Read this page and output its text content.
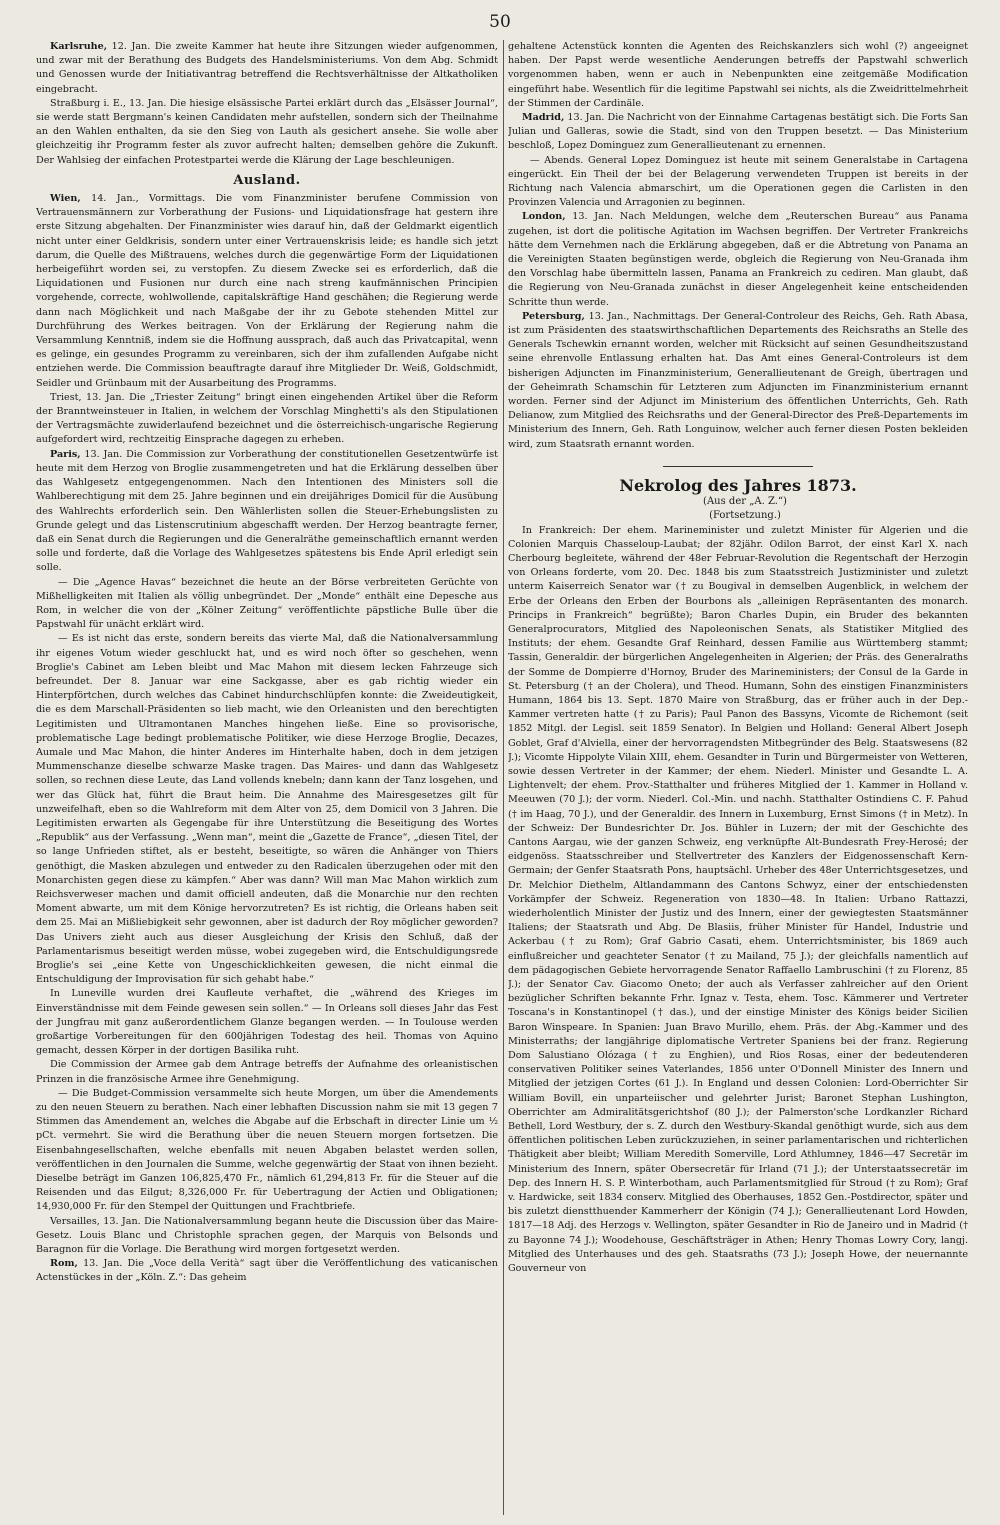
50

Karlsruhe, 12. Jan. Die zweite Kammer hat heute ihre Sitzungen wieder aufgenommen, und zwar mit der Berathung des Budgets des Handelsministeriums. Von dem Abg. Schmidt und Genossen wurde der Initiativantrag betreffend die Rechtsverhältnisse der Altkatholiken eingebracht.

Straßburg i. E., 13. Jan. Die hiesige elsässische Partei erklärt durch das „Elsässer Journal“, sie werde statt Bergmann's keinen Candidaten mehr aufstellen, sondern sich der Theilnahme an den Wahlen enthalten, da sie den Sieg von Lauth als gesichert ansehe. Sie wolle aber gleichzeitig ihr Programm fester als zuvor aufrecht halten; demselben gehöre die Zukunft. Der Wahlsieg der einfachen Protestpartei werde die Klärung der Lage beschleunigen.

Ausland.

Wien, 14. Jan., Vormittags. Die vom Finanzminister berufene Commission von Vertrauensmännern zur Vorberathung der Fusions- und Liquidationsfrage hat gestern ihre erste Sitzung abgehalten. Der Finanzminister wies darauf hin, daß der Geldmarkt eigentlich nicht unter einer Geldkrisis, sondern unter einer Vertrauenskrisis leide; es handle sich jetzt darum, die Quelle des Mißtrauens, welches durch die gegenwärtige Form der Liquidationen herbeigeführt worden sei, zu verstopfen. Zu diesem Zwecke sei es erforderlich, daß die Liquidationen und Fusionen nur durch eine nach streng kaufmännischen Principien vorgehende, correcte, wohlwollende, capitalskräftige Hand geschähen; die Regierung werde dann nach Möglichkeit und nach Maßgabe der ihr zu Gebote stehenden Mittel zur Durchführung des Werkes beitragen. Von der Erklärung der Regierung nahm die Versammlung Kenntniß, indem sie die Hoffnung aussprach, daß auch das Privatcapital, wenn es gelinge, ein gesundes Programm zu vereinbaren, sich der ihm zufallenden Aufgabe nicht entziehen werde. Die Commission beauftragte darauf ihre Mitglieder Dr. Weiß, Goldschmidt, Seidler und Grünbaum mit der Ausarbeitung des Programms.

Triest, 13. Jan. Die „Triester Zeitung“ bringt einen eingehenden Artikel über die Reform der Branntweinsteuer in Italien, in welchem der Vorschlag Minghetti's als den Stipulationen der Vertragsmächte zuwiderlaufend bezeichnet und die österreichisch-ungarische Regierung aufgefordert wird, rechtzeitig Einsprache dagegen zu erheben.

Paris, 13. Jan. Die Commission zur Vorberathung der constitutionellen Gesetzentwürfe ist heute mit dem Herzog von Broglie zusammengetreten und hat die Erklärung desselben über das Wahlgesetz entgegengenommen. Nach den Intentionen des Ministers soll die Wahlberechtigung mit dem 25. Jahre beginnen und ein dreijähriges Domicil für die Ausübung des Wahlrechts erforderlich sein. Den Wählerlisten sollen die Steuer-Erhebungslisten zu Grunde gelegt und das Listenscrutinium abgeschafft werden. Der Herzog beantragte ferner, daß ein Senat durch die Regierungen und die Generalräthe gemeinschaftlich ernannt werden solle und forderte, daß die Vorlage des Wahlgesetzes spätestens bis Ende April erledigt sein solle.

— Die „Agence Havas“ bezeichnet die heute an der Börse verbreiteten Gerüchte von Mißhelligkeiten mit Italien als völlig unbegründet. Der „Monde“ enthält eine Depesche aus Rom, in welcher die von der „Kölner Zeitung“ veröffentlichte päpstliche Bulle über die Papstwahl für unächt erklärt wird.

— Es ist nicht das erste, sondern bereits das vierte Mal, daß die Nationalversammlung ihr eigenes Votum wieder geschluckt hat, und es wird noch öfter so geschehen, wenn Broglie's Cabinet am Leben bleibt und Mac Mahon mit diesem lecken Fahrzeuge sich befreundet. Der 8. Januar war eine Sackgasse, aber es gab richtig wieder ein Hinterpförtchen, durch welches das Cabinet hindurchschlüpfen konnte: die Zweideutigkeit, die es dem Marschall-Präsidenten so lieb macht, wie den Orleanisten und den berechtigten Legitimisten und Ultramontanen Manches hingehen ließe. Eine so provisorische, problematische Lage bedingt problematische Politiker, wie diese Herzoge Broglie, Decazes, Aumale und Mac Mahon, die hinter Anderes im Hinterhalte haben, doch in dem jetzigen Mummenschanze dieselbe schwarze Maske tragen. Das Maires- und dann das Wahlgesetz sollen, so rechnen diese Leute, das Land vollends knebeln; dann kann der Tanz losgehen, und wer das Glück hat, führt die Braut heim. Die Annahme des Mairesgesetzes gilt für unzweifelhaft, eben so die Wahlreform mit dem Alter von 25, dem Domicil von 3 Jahren. Die Legitimisten erwarten als Gegengabe für ihre Unterstützung die Beseitigung des Wortes „Republik“ aus der Verfassung. „Wenn man“, meint die „Gazette de France“, „diesen Titel, der so lange Unfrieden stiftet, als er besteht, beseitigte, so wären die Anhänger von Thiers genöthigt, die Masken abzulegen und entweder zu den Radicalen überzugehen oder mit den Monarchisten gegen diese zu kämpfen.“ Aber was dann? Will man Mac Mahon wirklich zum Reichsverweser machen und damit officiell andeuten, daß die Monarchie nur den rechten Moment abwarte, um mit dem Könige hervorzutreten? Es ist richtig, die Orleans haben seit dem 25. Mai an Mißliebigkeit sehr gewonnen, aber ist dadurch der Roy möglicher geworden? Das Univers zieht auch aus dieser Ausgleichung der Krisis den Schluß, daß der Parlamentarismus beseitigt werden müsse, wobei zugegeben wird, die Entschuldigungsrede Broglie's sei „eine Kette von Ungeschicklichkeiten gewesen, die nicht einmal die Entschuldigung der Improvisation für sich gehabt habe.“

In Luneville wurden drei Kaufleute verhaftet, die „während des Krieges im Einverständnisse mit dem Feinde gewesen sein sollen.“ — In Orleans soll dieses Jahr das Fest der Jungfrau mit ganz außerordentlichem Glanze begangen werden. — In Toulouse werden großartige Vorbereitungen für den 600jährigen Todestag des heil. Thomas von Aquino gemacht, dessen Körper in der dortigen Basilika ruht.

Die Commission der Armee gab dem Antrage betreffs der Aufnahme des orleanistischen Prinzen in die französische Armee ihre Genehmigung.

— Die Budget-Commission versammelte sich heute Morgen, um über die Amendements zu den neuen Steuern zu berathen. Nach einer lebhaften Discussion nahm sie mit 13 gegen 7 Stimmen das Amendement an, welches die Abgabe auf die Erbschaft in directer Linie um ½ pCt. vermehrt. Sie wird die Berathung über die neuen Steuern morgen fortsetzen. Die Eisenbahngesellschaften, welche ebenfalls mit neuen Abgaben belastet werden sollen, veröffentlichen in den Journalen die Summe, welche gegenwärtig der Staat von ihnen bezieht. Dieselbe beträgt im Ganzen 106,825,470 Fr., nämlich 61,294,813 Fr. für die Steuer auf die Reisenden und das Eilgut; 8,326,000 Fr. für Uebertragung der Actien und Obligationen; 14,930,000 Fr. für den Stempel der Quittungen und Frachtbriefe.

Versailles, 13. Jan. Die Nationalversammlung begann heute die Discussion über das Maire-Gesetz. Louis Blanc und Christophle sprachen gegen, der Marquis von Belsonds und Baragnon für die Vorlage. Die Berathung wird morgen fortgesetzt werden.

Rom, 13. Jan. Die „Voce della Verità“ sagt über die Veröffentlichung des vaticanischen Actenstückes in der „Köln. Z.“: Das geheim

gehaltene Actenstück konnten die Agenten des Reichskanzlers sich wohl (?) angeeignet haben. Der Papst werde wesentliche Aenderungen betreffs der Papstwahl schwerlich vorgenommen haben, wenn er auch in Nebenpunkten eine zeitgemäße Modification eingeführt habe. Wesentlich für die legitime Papstwahl sei nichts, als die Zweidrittelmehrheit der Stimmen der Cardinäle.

Madrid, 13. Jan. Die Nachricht von der Einnahme Cartagenas bestätigt sich. Die Forts San Julian und Galleras, sowie die Stadt, sind von den Truppen besetzt. — Das Ministerium beschloß, Lopez Dominguez zum Generallieutenant zu ernennen.

— Abends. General Lopez Dominguez ist heute mit seinem Generalstabe in Cartagena eingerückt. Ein Theil der bei der Belagerung verwendeten Truppen ist bereits in der Richtung nach Valencia abmarschirt, um die Operationen gegen die Carlisten in den Provinzen Valencia und Arragonien zu beginnen.

London, 13. Jan. Nach Meldungen, welche dem „Reuterschen Bureau“ aus Panama zugehen, ist dort die politische Agitation im Wachsen begriffen. Der Vertreter Frankreichs hätte dem Vernehmen nach die Erklärung abgegeben, daß er die Abtretung von Panama an die Vereinigten Staaten begünstigen werde, obgleich die Regierung von Neu-Granada ihm den Vorschlag habe übermitteln lassen, Panama an Frankreich zu cediren. Man glaubt, daß die Regierung von Neu-Granada zunächst in dieser Angelegenheit keine entscheidenden Schritte thun werde.

Petersburg, 13. Jan., Nachmittags. Der General-Controleur des Reichs, Geh. Rath Abasa, ist zum Präsidenten des staatswirthschaftlichen Departements des Reichsraths an Stelle des Generals Tschewkin ernannt worden, welcher mit Rücksicht auf seinen Gesundheitszustand seine ehrenvolle Entlassung erhalten hat. Das Amt eines General-Controleurs ist dem bisherigen Adjuncten im Finanzministerium, Generallieutenant de Greigh, übertragen und der Geheimrath Schamschin für Letzteren zum Adjuncten im Finanzministerium ernannt worden. Ferner sind der Adjunct im Ministerium des öffentlichen Unterrichts, Geh. Rath Delianow, zum Mitglied des Reichsraths und der General-Director des Preß-Departements im Ministerium des Innern, Geh. Rath Longuinow, welcher auch ferner diesen Posten bekleiden wird, zum Staatsrath ernannt worden.

Nekrolog des Jahres 1873.

(Aus der „A. Z.“)

(Fortsetzung.)

In Frankreich: Der ehem. Marineminister und zuletzt Minister für Algerien und die Colonien Marquis Chasseloup-Laubat; der 82jähr. Odilon Barrot, der einst Karl X. nach Cherbourg begleitete, während der 48er Februar-Revolution die Regentschaft der Herzogin von Orleans forderte, vom 20. Dec. 1848 bis zum Staatsstreich Justizminister und zuletzt unterm Kaiserreich Senator war († zu Bougival in demselben Augenblick, in welchem der Erbe der Orleans den Erben der Bourbons als „alleinigen Repräsentanten des monarch. Princips in Frankreich“ begrüßte); Baron Charles Dupin, ein Bruder des bekannten Generalprocurators, Mitglied des Napoleonischen Senats, als Statistiker Mitglied des Instituts; der ehem. Gesandte Graf Reinhard, dessen Familie aus Württemberg stammt; Tassin, Generaldir. der bürgerlichen Angelegenheiten in Algerien; der Präs. des Generalraths der Somme de Dompierre d'Hornoy, Bruder des Marineministers; der Consul de la Garde in St. Petersburg († an der Cholera), und Theod. Humann, Sohn des einstigen Finanzministers Humann, 1864 bis 13. Sept. 1870 Maire von Straßburg, das er früher auch in der Dep.-Kammer vertreten hatte († zu Paris); Paul Panon des Bassyns, Vicomte de Richemont (seit 1852 Mitgl. der Legisl. seit 1859 Senator). In Belgien und Holland: General Albert Joseph Goblet, Graf d'Alviella, einer der hervorragendsten Mitbegründer des Belg. Staatswesens (82 J.); Vicomte Hippolyte Vilain XIII, ehem. Gesandter in Turin und Bürgermeister von Wetteren, sowie dessen Vertreter in der Kammer; der ehem. Niederl. Minister und Gesandte L. A. Lightenvelt; der ehem. Prov.-Statthalter und früheres Mitglied der 1. Kammer in Holland v. Meeuwen (70 J.); der vorm. Niederl. Col.-Min. und nachh. Statthalter Ostindiens C. F. Pahud († im Haag, 70 J.), und der Generaldir. des Innern in Luxemburg, Ernst Simons († in Metz). In der Schweiz: Der Bundesrichter Dr. Jos. Bühler in Luzern; der mit der Geschichte des Cantons Aargau, wie der ganzen Schweiz, eng verknüpfte Alt-Bundesrath Frey-Herosé; der eidgenöss. Staatsschreiber und Stellvertreter des Kanzlers der Eidgenossenschaft Kern-Germain; der Genfer Staatsrath Pons, hauptsächl. Urheber des 48er Unterrichtsgesetzes, und Dr. Melchior Diethelm, Altlandammann des Cantons Schwyz, einer der entschiedensten Vorkämpfer der Schweiz. Regeneration von 1830—48. In Italien: Urbano Rattazzi, wiederholentlich Minister der Justiz und des Innern, einer der gewiegtesten Staatsmänner Italiens; der Staatsrath und Abg. De Blasiis, früher Minister für Handel, Industrie und Ackerbau († zu Rom); Graf Gabrio Casati, ehem. Unterrichtsminister, bis 1869 auch einflußreicher und geachteter Senator († zu Mailand, 75 J.); der gleichfalls namentlich auf dem pädagogischen Gebiete hervorragende Senator Raffaello Lambruschini († zu Florenz, 85 J.); der Senator Cav. Giacomo Oneto; der auch als Verfasser zahlreicher auf den Orient bezüglicher Schriften bekannte Frhr. Ignaz v. Testa, ehem. Tosc. Kämmerer und Vertreter Toscana's in Konstantinopel († das.), und der einstige Minister des Königs beider Sicilien Baron Winspeare. In Spanien: Juan Bravo Murillo, ehem. Präs. der Abg.-Kammer und des Ministerraths; der langjährige diplomatische Vertreter Spaniens bei der franz. Regierung Dom Salustiano Olózaga († zu Enghien), und Rios Rosas, einer der bedeutenderen conservativen Politiker seines Vaterlandes, 1856 unter O'Donnell Minister des Innern und Mitglied der jetzigen Cortes (61 J.). In England und dessen Colonien: Lord-Oberrichter Sir William Bovill, ein unparteiischer und gelehrter Jurist; Baronet Stephan Lushington, Oberrichter am Admiralitätsgerichtshof (80 J.); der Palmerston'sche Lordkanzler Richard Bethell, Lord Westbury, der s. Z. durch den Westbury-Skandal genöthigt wurde, sich aus dem öffentlichen politischen Leben zurückzuziehen, in seiner parlamentarischen und richterlichen Thätigkeit aber bleibt; William Meredith Somerville, Lord Athlumney, 1846—47 Secretär im Ministerium des Innern, später Obersecretär für Irland (71 J.); der Unterstaatssecretär im Dep. des Innern H. S. P. Winterbotham, auch Parlamentsmitglied für Stroud († zu Rom); Graf v. Hardwicke, seit 1834 conserv. Mitglied des Oberhauses, 1852 Gen.-Postdirector, später und bis zuletzt dienstthuender Kammerherr der Königin (74 J.); Generallieutenant Lord Howden, 1817—18 Adj. des Herzogs v. Wellington, später Gesandter in Rio de Janeiro und in Madrid († zu Bayonne 74 J.); Woodehouse, Geschäftsträger in Athen; Henry Thomas Lowry Cory, langj. Mitglied des Unterhauses und des geh. Staatsraths (73 J.); Joseph Howe, der neuernannte Gouverneur von
